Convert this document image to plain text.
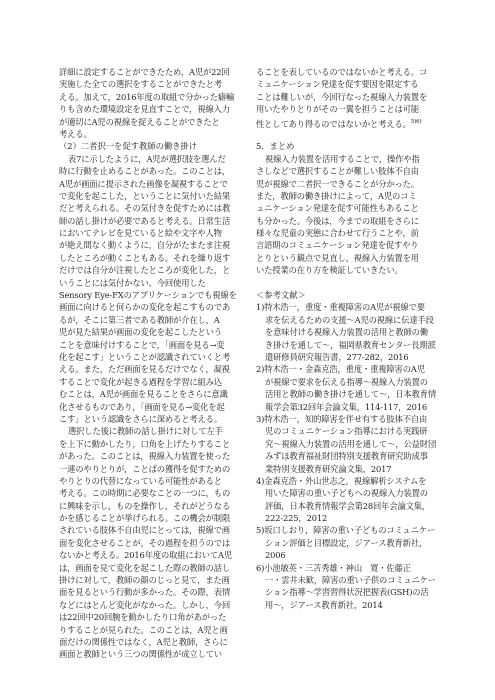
詳細に設定することができたため，A児が22回
実施した全ての選択をすることができたと考
える。加えて，2016年度の取組で分かった癖輸
りも含めた環境設定を見直すことで，視線入力
が適切にA児の視線を捉えることができたと
考える。
（2）二者択一を促す教師の働き掛け
表7に示したように，A児が選択肢を選んだ
時に行動を止めることがあった。このことは，
A児が画面に提示された画像を凝視することで
で変化を起こした，ということに気付いた結果
だと考えられる。その気付きを促すためには教
師の話し掛けが必要であると考える。日常生活
においてテレビを見ていると絵や文字や人物
が絶え間なく動くように，自分がたまたま注視
したところが動くこともある。それを繰り返す
だけでは自分が注視したところが変化した，と
いうことには気付かない。今回使用した
Sensory Eye-FXのアプリケーションでも視線を
画面に向けると何らかの変化を起こすものであ
るが，そこに第三者である教師が介在し，A
児が見た結果が画面の変化を起こしたという
ことを意味付けすることで，「画面を見る→変
化を起こす」ということが認識されていくと考
える。また，ただ画面を見るだけでなく，凝視
することで変化が起きる過程を学習に組み込
むことは，A児が画面を見ることをさらに意識
化させるものであり，「画面を見る→変化を起
こす」という認識をさらに深めると考える。
選択した後に教師の話し掛けに対して左手
を上下に動かしたり，口角を上げたりすること
があった。このことは，視線入力装置を使った
一連のやりとりが，ことばの獲得を促すための
やりとりの代替になっている可能性があると
考える。この時期に必要なことの一つに，もの
に興味を示し，ものを操作し，それがどうなる
かを感じることが挙げられる。この機会が制限
されている肢体不自由児にとっては，視線で画
面を変化させることが，その過程を担うのでは
ないかと考える。2016年度の取組においてA児
は，画面を見て変化を起こした際の教師の話し
掛けに対して，教師の顔のじっと見て，また画
面を見るという行動が多かった。その際，表情
などにはとんど変化がなかった。しかし，今回
は22回中20回腕を動かしたり口角があがった
りすることが見られた。このことは，A児と画
面だけの関係性ではなく，A児と教師，さらに
画面と教師という三つの関係性が成立してい
ることを表しているのではないかと考える。コ
ミュニケーション発達を促す要因を限定する
ことは難しいが，今回行なった視線入力装置を
用いたやりとりがその一翼を担うことは可能
性としてあり得るのではないかと考える。$^{5)6)}$
5．まとめ
視線入力装置を活用することで，操作や指
さしなどで選択することが難しい肢体不自由
児が視線で二者択一できることが分かった。
また，教師の働き掛けによって，A児のコミ
ュニケーション発達を促す可能性もあること
も分かった。今後は，今までの取組をさらに
様々な児童の実態に合わせて行うことや，前
言語期のコミュニケーション発達を促すやり
とりという観点で見直し，視線入力装置を用
いた授業の在り方を検証していきたい。
＜参考文献＞
1)特木浩一，重度・重複障害のA児が視線で要
求を伝えるための支援〜A児の視線に伝達手段
を意味付ける視線入力装置の活用と教師の働
き掛けを通して〜，福岡県教育センター長期派
遣研修員研究報告書，277-282，2016
2)特木浩一・金森克浩，重度・重複障害のA児
が視線で要求を伝える指導〜視線入力装置の
活用と教師の働き掛けを通して〜，日本教育情
報学会第32回年会論文集，114-117，2016
3)特木浩一，知的障害を伴せ有する肢体不自由
児のコミュニケーション指導における実践研
究〜視線入力装置の活用を通して〜，公益財団
みずほ教育福祉財団特別支援教育研究助成事
業特別支援教育研究論文集，2017
4)金森克浩・外山世志之，視線解析システムを
用いた障害の重い子どもへの視線入力装置の
評価，日本教育情報学会第28回年会論文集，
222-225，2012
5)坂口しおり，障害の重い子どものコミュニケー
ション評価と目標設定，ジアース教育新社，
2006
6)小池敏英・三苫秀雄・神山　寛・佐藤正
一・雲井未歓，障害の重い子供のコミュニケー
ション指導〜学習習得状況把握表(GSH)の活
用〜，ジアース教育新社，2014
